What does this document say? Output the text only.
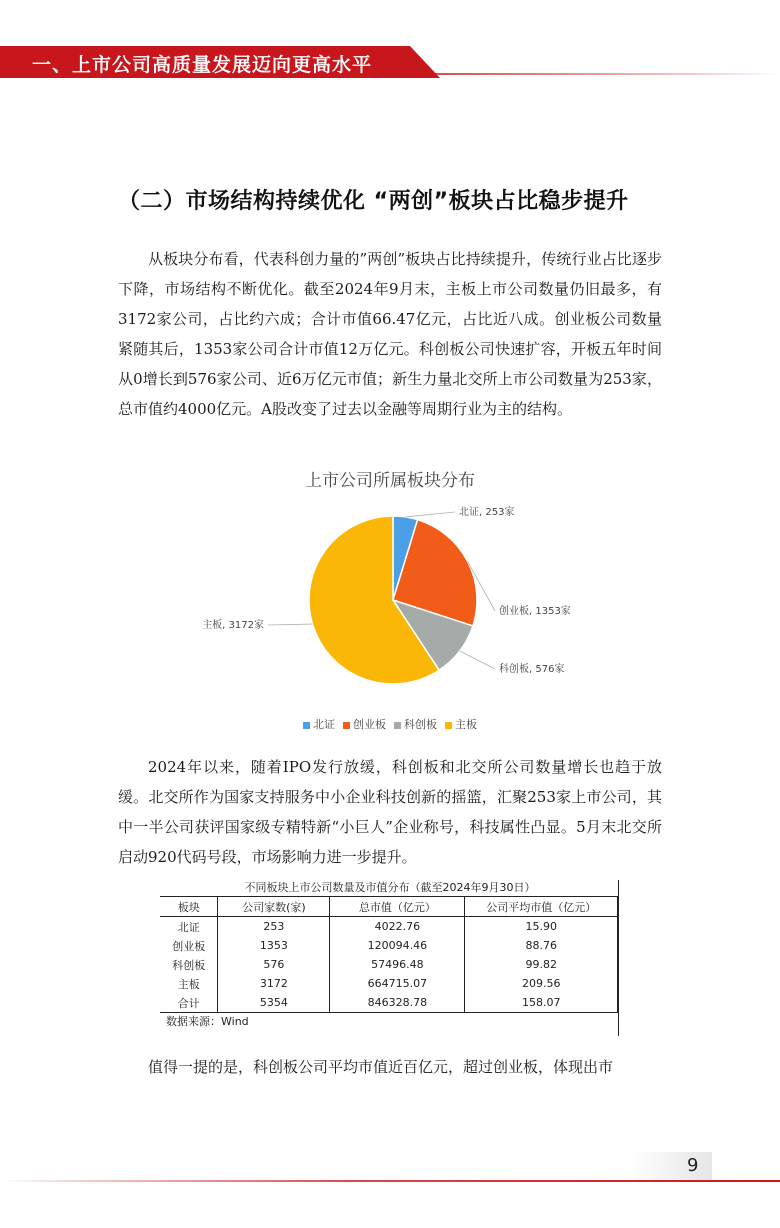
一、上市公司高质量发展迈向更高水平
（二）市场结构持续优化 “两创”板块占比稳步提升

从板块分布看，代表科创力量的”两创”板块占比持续提升，传统行业占比逐步下降，市场结构不断优化。截至2024年9月末，主板上市公司数量仍旧最多，有3172家公司，占比约六成；合计市值66.47亿元，占比近八成。创业板公司数量紧随其后，1353家公司合计市值12万亿元。科创板公司快速扩容，开板五年时间从0增长到576家公司、近6万亿元市值；新生力量北交所上市公司数量为253家，总市值约4000亿元。A股改变了过去以金融等周期行业为主的结构。

上市公司所属板块分布
北证, 253家
创业板, 1353家
科创板, 576家
主板, 3172家
北证 创业板 科创板 主板

2024年以来，随着IPO发行放缓，科创板和北交所公司数量增长也趋于放缓。北交所作为国家支持服务中小企业科技创新的摇篮，汇聚253家上市公司，其中一半公司获评国家级专精特新“小巨人”企业称号，科技属性凸显。5月末北交所启动920代码号段，市场影响力进一步提升。

不同板块上市公司数量及市值分布（截至2024年9月30日）
板块	公司家数(家)	总市值（亿元）	公司平均市值（亿元）
北证	253	4022.76	15.90
创业板	1353	120094.46	88.76
科创板	576	57496.48	99.82
主板	3172	664715.07	209.56
合计	5354	846328.78	158.07
数据来源：Wind

值得一提的是，科创板公司平均市值近百亿元，超过创业板，体现出市

9
